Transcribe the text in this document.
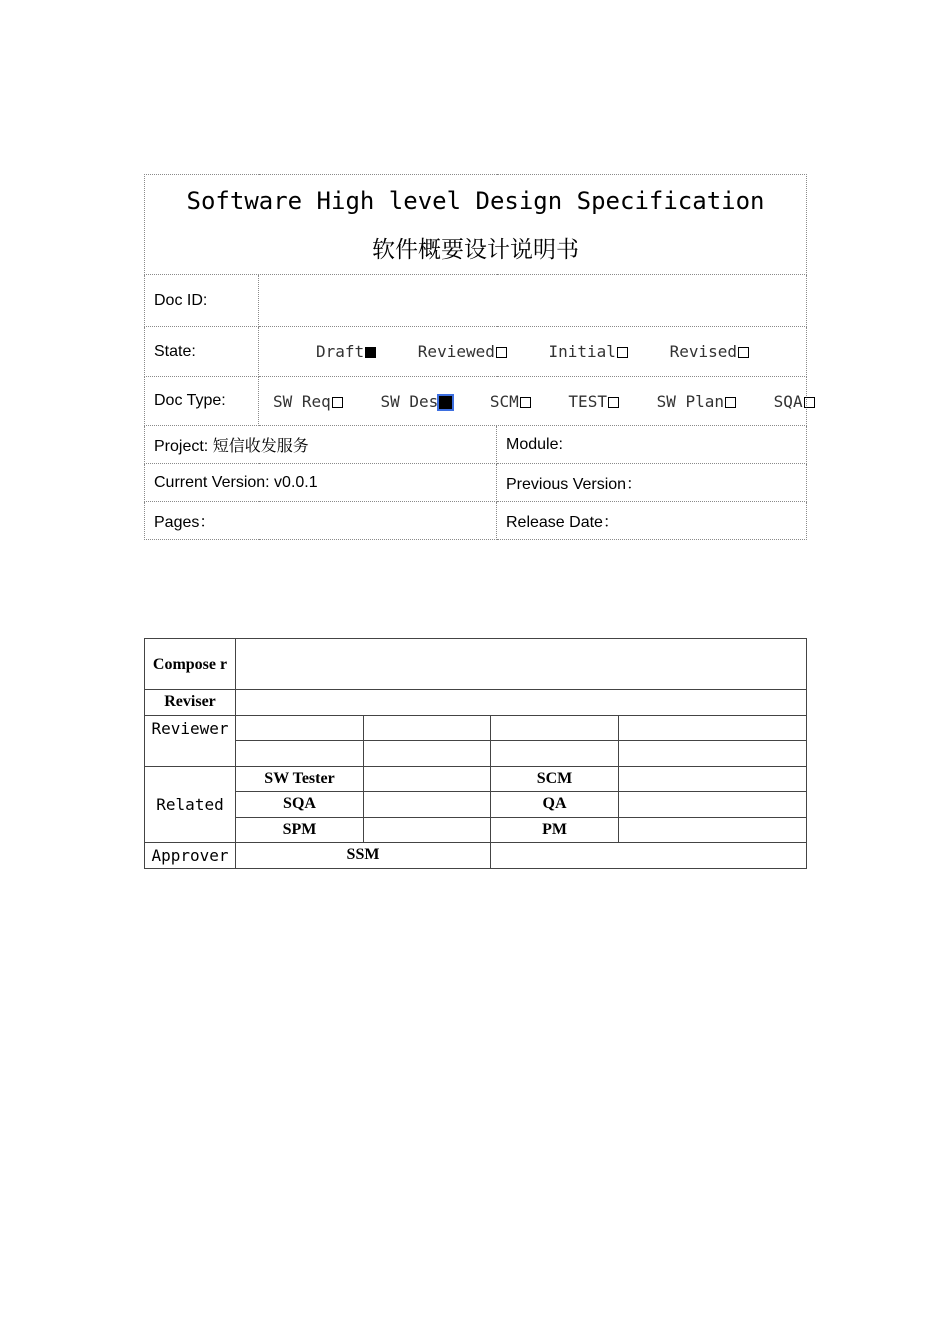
Software High level Design Specification
软件概要设计说明书		

Doc ID:		
State:	Draft Reviewed Initial Revised	
Doc Type:	SW Req SW Des SCM TEST SW Plan SQA	
Project: 短信收发服务		Module:
Current Version: v0.0.1		Previous Version：
Pages：		Release Date：
Compose r				
Reviser				
Reviewer				

Related	SW Tester		SCM	
	SQA		QA	
	SPM		PM	
Approver	SSM			
